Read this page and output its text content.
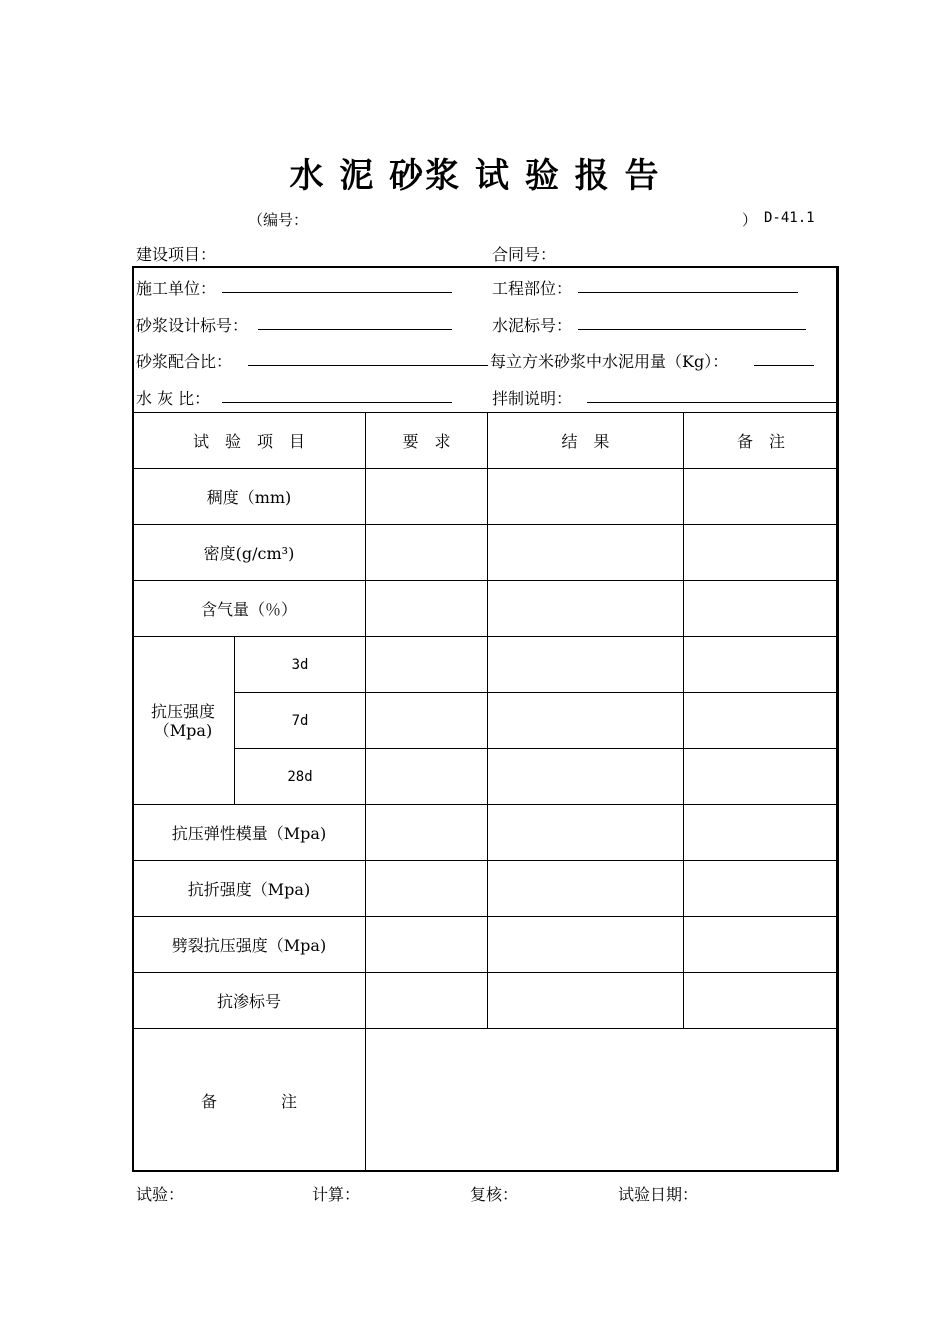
水 泥 砂浆 试 验 报 告
（编号：	） D-41.1
建设项目：	合同号：
施工单位：	工程部位：
砂浆设计标号：	水泥标号：
砂浆配合比：	每立方米砂浆中水泥用量（Kg）：
水 灰 比：	拌制说明：
试　验　项　目	要　求	结　果	备　注
稠度（mm)
密度(g/cm³)
含气量（％）
抗压强度（Mpa)
3d
7d
28d
抗压弹性模量（Mpa)
抗折强度（Mpa)
劈裂抗压强度（Mpa)
抗渗标号
备　　　　注
试验：	计算：	复核：	试验日期：
